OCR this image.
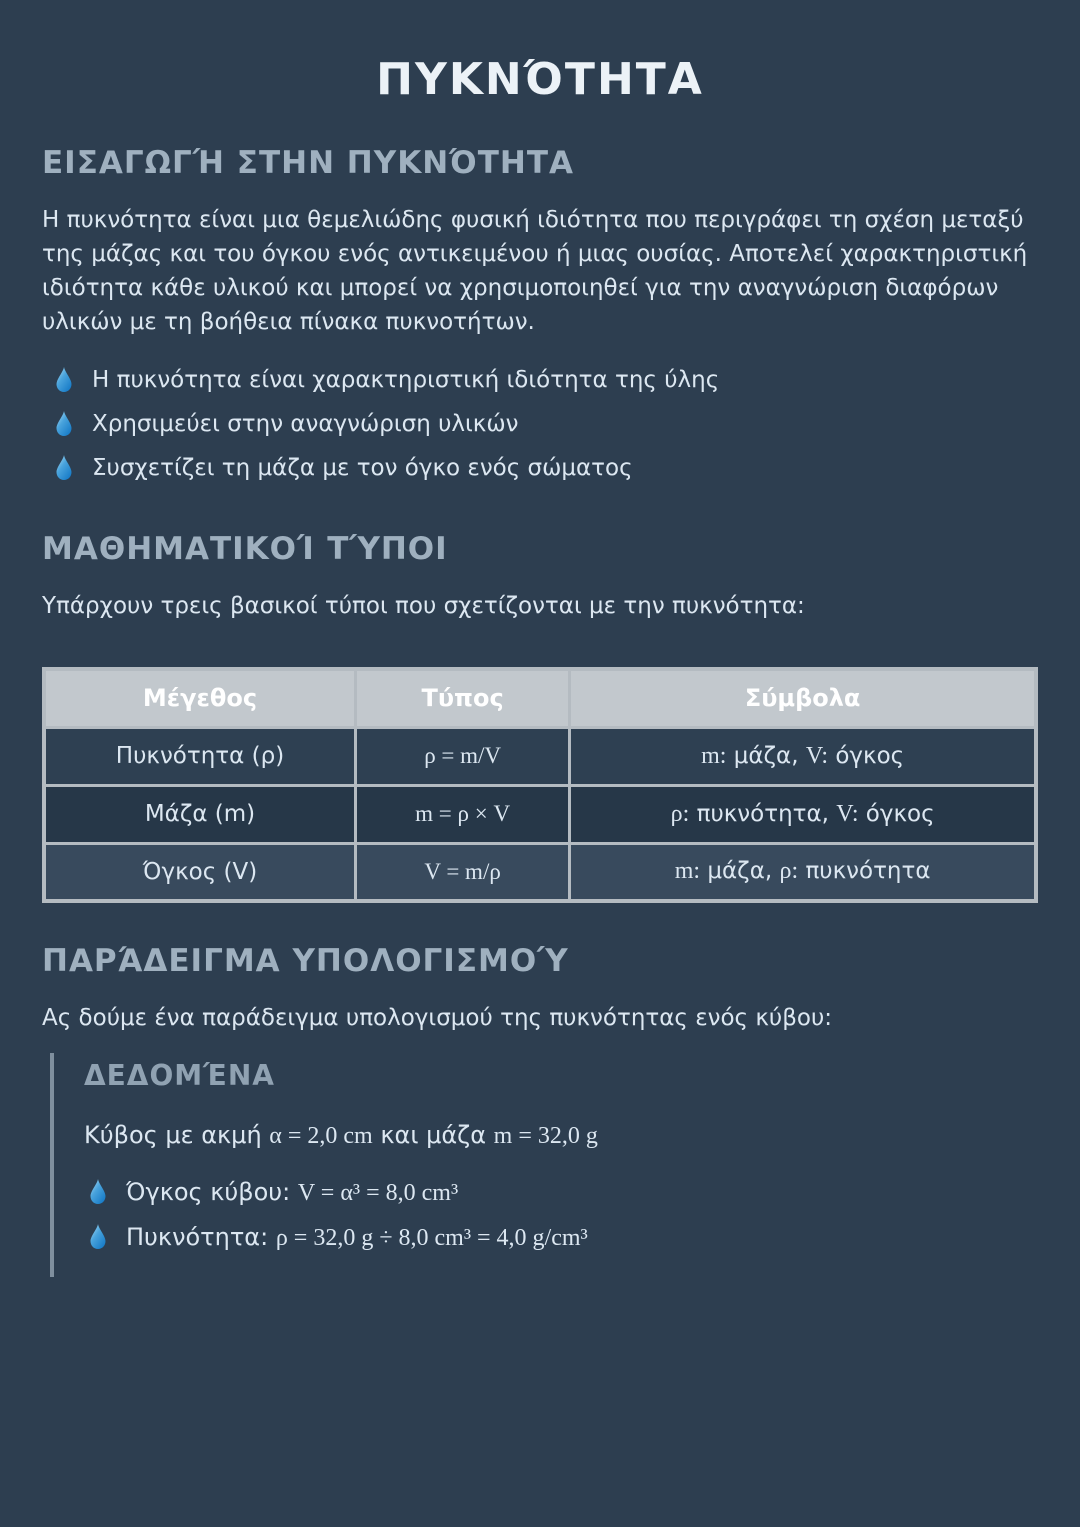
ΠΥΚΝΌΤΗΤΑ
ΕΙΣΑΓΩΓΉ ΣΤΗΝ ΠΥΚΝΌΤΗΤΑ

Η πυκνότητα είναι μια θεμελιώδης φυσική ιδιότητα που περιγράφει τη σχέση μεταξύ της μάζας και του όγκου ενός αντικειμένου ή μιας ουσίας. Αποτελεί χαρακτηριστική ιδιότητα κάθε υλικού και μπορεί να χρησιμοποιηθεί για την αναγνώριση διαφόρων υλικών με τη βοήθεια πίνακα πυκνοτήτων.

Η πυκνότητα είναι χαρακτηριστική ιδιότητα της ύλης
Χρησιμεύει στην αναγνώριση υλικών
Συσχετίζει τη μάζα με τον όγκο ενός σώματος
ΜΑΘΗΜΑΤΙΚΟΊ ΤΎΠΟΙ

Υπάρχουν τρεις βασικοί τύποι που σχετίζονται με την πυκνότητα:

Μέγεθος	Τύπος	Σύμβολα
Πυκνότητα (ρ)	ρ = m/V	m: μάζα, V: όγκος
Μάζα (m)	m = ρ × V	ρ: πυκνότητα, V: όγκος
Όγκος (V)	V = m/ρ	m: μάζα, ρ: πυκνότητα
ΠΑΡΆΔΕΙΓΜΑ ΥΠΟΛΟΓΙΣΜΟΎ

Ας δούμε ένα παράδειγμα υπολογισμού της πυκνότητας ενός κύβου:

ΔΕΔΟΜΈΝΑ

Κύβος με ακμή α = 2,0 cm και μάζα m = 32,0 g

Όγκος κύβου: V = α³ = 8,0 cm³
Πυκνότητα: ρ = 32,0 g ÷ 8,0 cm³ = 4,0 g/cm³
